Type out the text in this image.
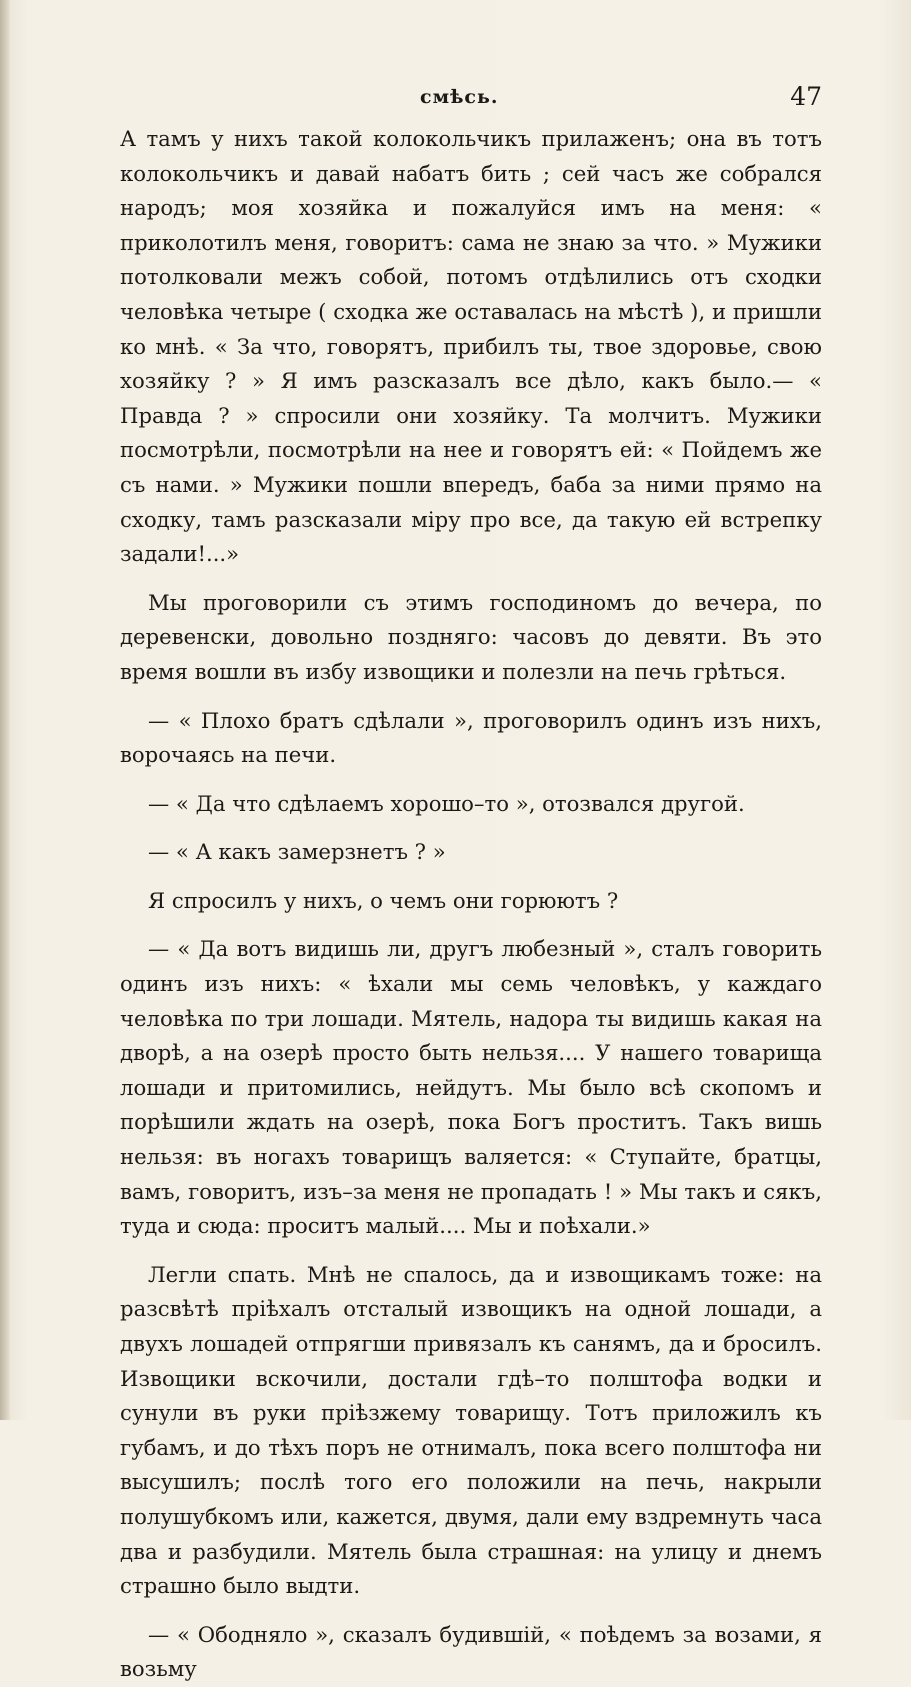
смѣсь.	47

А тамъ у нихъ такой колокольчикъ прилаженъ; она въ тотъ колокольчикъ и давай набатъ бить ; сей часъ же собрался народъ; моя хозяйка и пожалуйся имъ на меня: « приколотилъ меня, говоритъ: сама не знаю за что. » Мужики потолковали межъ собой, потомъ отдѣлились отъ сходки человѣка четыре ( сходка же оставалась на мѣстѣ ), и пришли ко мнѣ. « За что, говорятъ, прибилъ ты, твое здоровье, свою хозяйку ? » Я имъ разсказалъ все дѣло, какъ было.— « Правда ? » спросили они хозяйку. Та молчитъ. Мужики посмотрѣли, посмотрѣли на нее и говорятъ ей: « Пойдемъ же съ нами. » Мужики пошли впередъ, баба за ними прямо на сходку, тамъ разсказали міру про все, да такую ей встрепку задали!...»

Мы проговорили съ этимъ господиномъ до вечера, по деревенски, довольно поздняго: часовъ до девяти. Въ это время вошли въ избу извощики и полезли на печь грѣться.

— « Плохо братъ сдѣлали », проговорилъ одинъ изъ нихъ, ворочаясь на печи.

— « Да что сдѣлаемъ хорошо–то », отозвался другой.

— « А какъ замерзнетъ ? »

Я спросилъ у нихъ, о чемъ они горюютъ ?

— « Да вотъ видишь ли, другъ любезный », сталъ говорить одинъ изъ нихъ: « ѣхали мы семь человѣкъ, у каждаго человѣка по три лошади. Мятель, надора ты видишь какая на дворѣ, а на озерѣ просто быть нельзя.... У нашего товарища лошади и притомились, нейдутъ. Мы было всѣ скопомъ и порѣшили ждать на озерѣ, пока Богъ проститъ. Такъ вишь нельзя: въ ногахъ товарищъ валяется: « Ступайте, братцы, вамъ, говоритъ, изъ–за меня не пропадать ! » Мы такъ и сякъ, туда и сюда: проситъ малый.... Мы и поѣхали.»

Легли спать. Мнѣ не спалось, да и извощикамъ тоже: на разсвѣтѣ пріѣхалъ отсталый извощикъ на одной лошади, а двухъ лошадей отпрягши привязалъ къ санямъ, да и бросилъ. Извощики вскочили, достали гдѣ–то полштофа водки и сунули въ руки пріѣзжему товарищу. Тотъ приложилъ къ губамъ, и до тѣхъ поръ не отнималъ, пока всего полштофа ни высушилъ; послѣ того его положили на печь, накрыли полушубкомъ или, кажется, двумя, дали ему вздремнуть часа два и разбудили. Мятель была страшная: на улицу и днемъ страшно было выдти.

— « Ободняло », сказалъ будившій, « поѣдемъ за возами, я возьму
